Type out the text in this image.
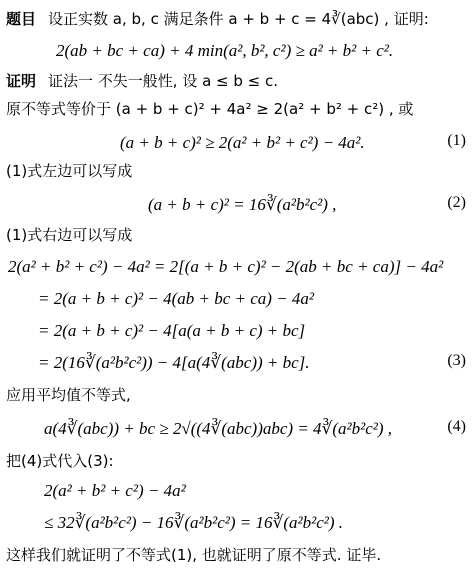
题目 设正实数 a, b, c 满足条件 a + b + c = 4∛(abc) , 证明:
2(ab + bc + ca) + 4 min(a², b², c²) ≥ a² + b² + c².
证明 证法一 不失一般性, 设 a ≤ b ≤ c.
原不等式等价于 (a + b + c)² + 4a² ≥ 2(a² + b² + c²) , 或
(a + b + c)² ≥ 2(a² + b² + c²) − 4a².	(1)
(1)式左边可以写成
(a + b + c)² = 16∛(a²b²c²) ,	(2)
(1)式右边可以写成
2(a² + b² + c²) − 4a² = 2[(a + b + c)² − 2(ab + bc + ca)] − 4a²
= 2(a + b + c)² − 4(ab + bc + ca) − 4a²
= 2(a + b + c)² − 4[a(a + b + c) + bc]
= 2(16∛(a²b²c²)) − 4[a(4∛(abc)) + bc].	(3)
应用平均值不等式,
a(4∛(abc)) + bc ≥ 2√((4∛(abc))abc) = 4∛(a²b²c²) ,	(4)
把(4)式代入(3):
2(a² + b² + c²) − 4a²
≤ 32∛(a²b²c²) − 16∛(a²b²c²) = 16∛(a²b²c²) .
这样我们就证明了不等式(1), 也就证明了原不等式. 证毕.
